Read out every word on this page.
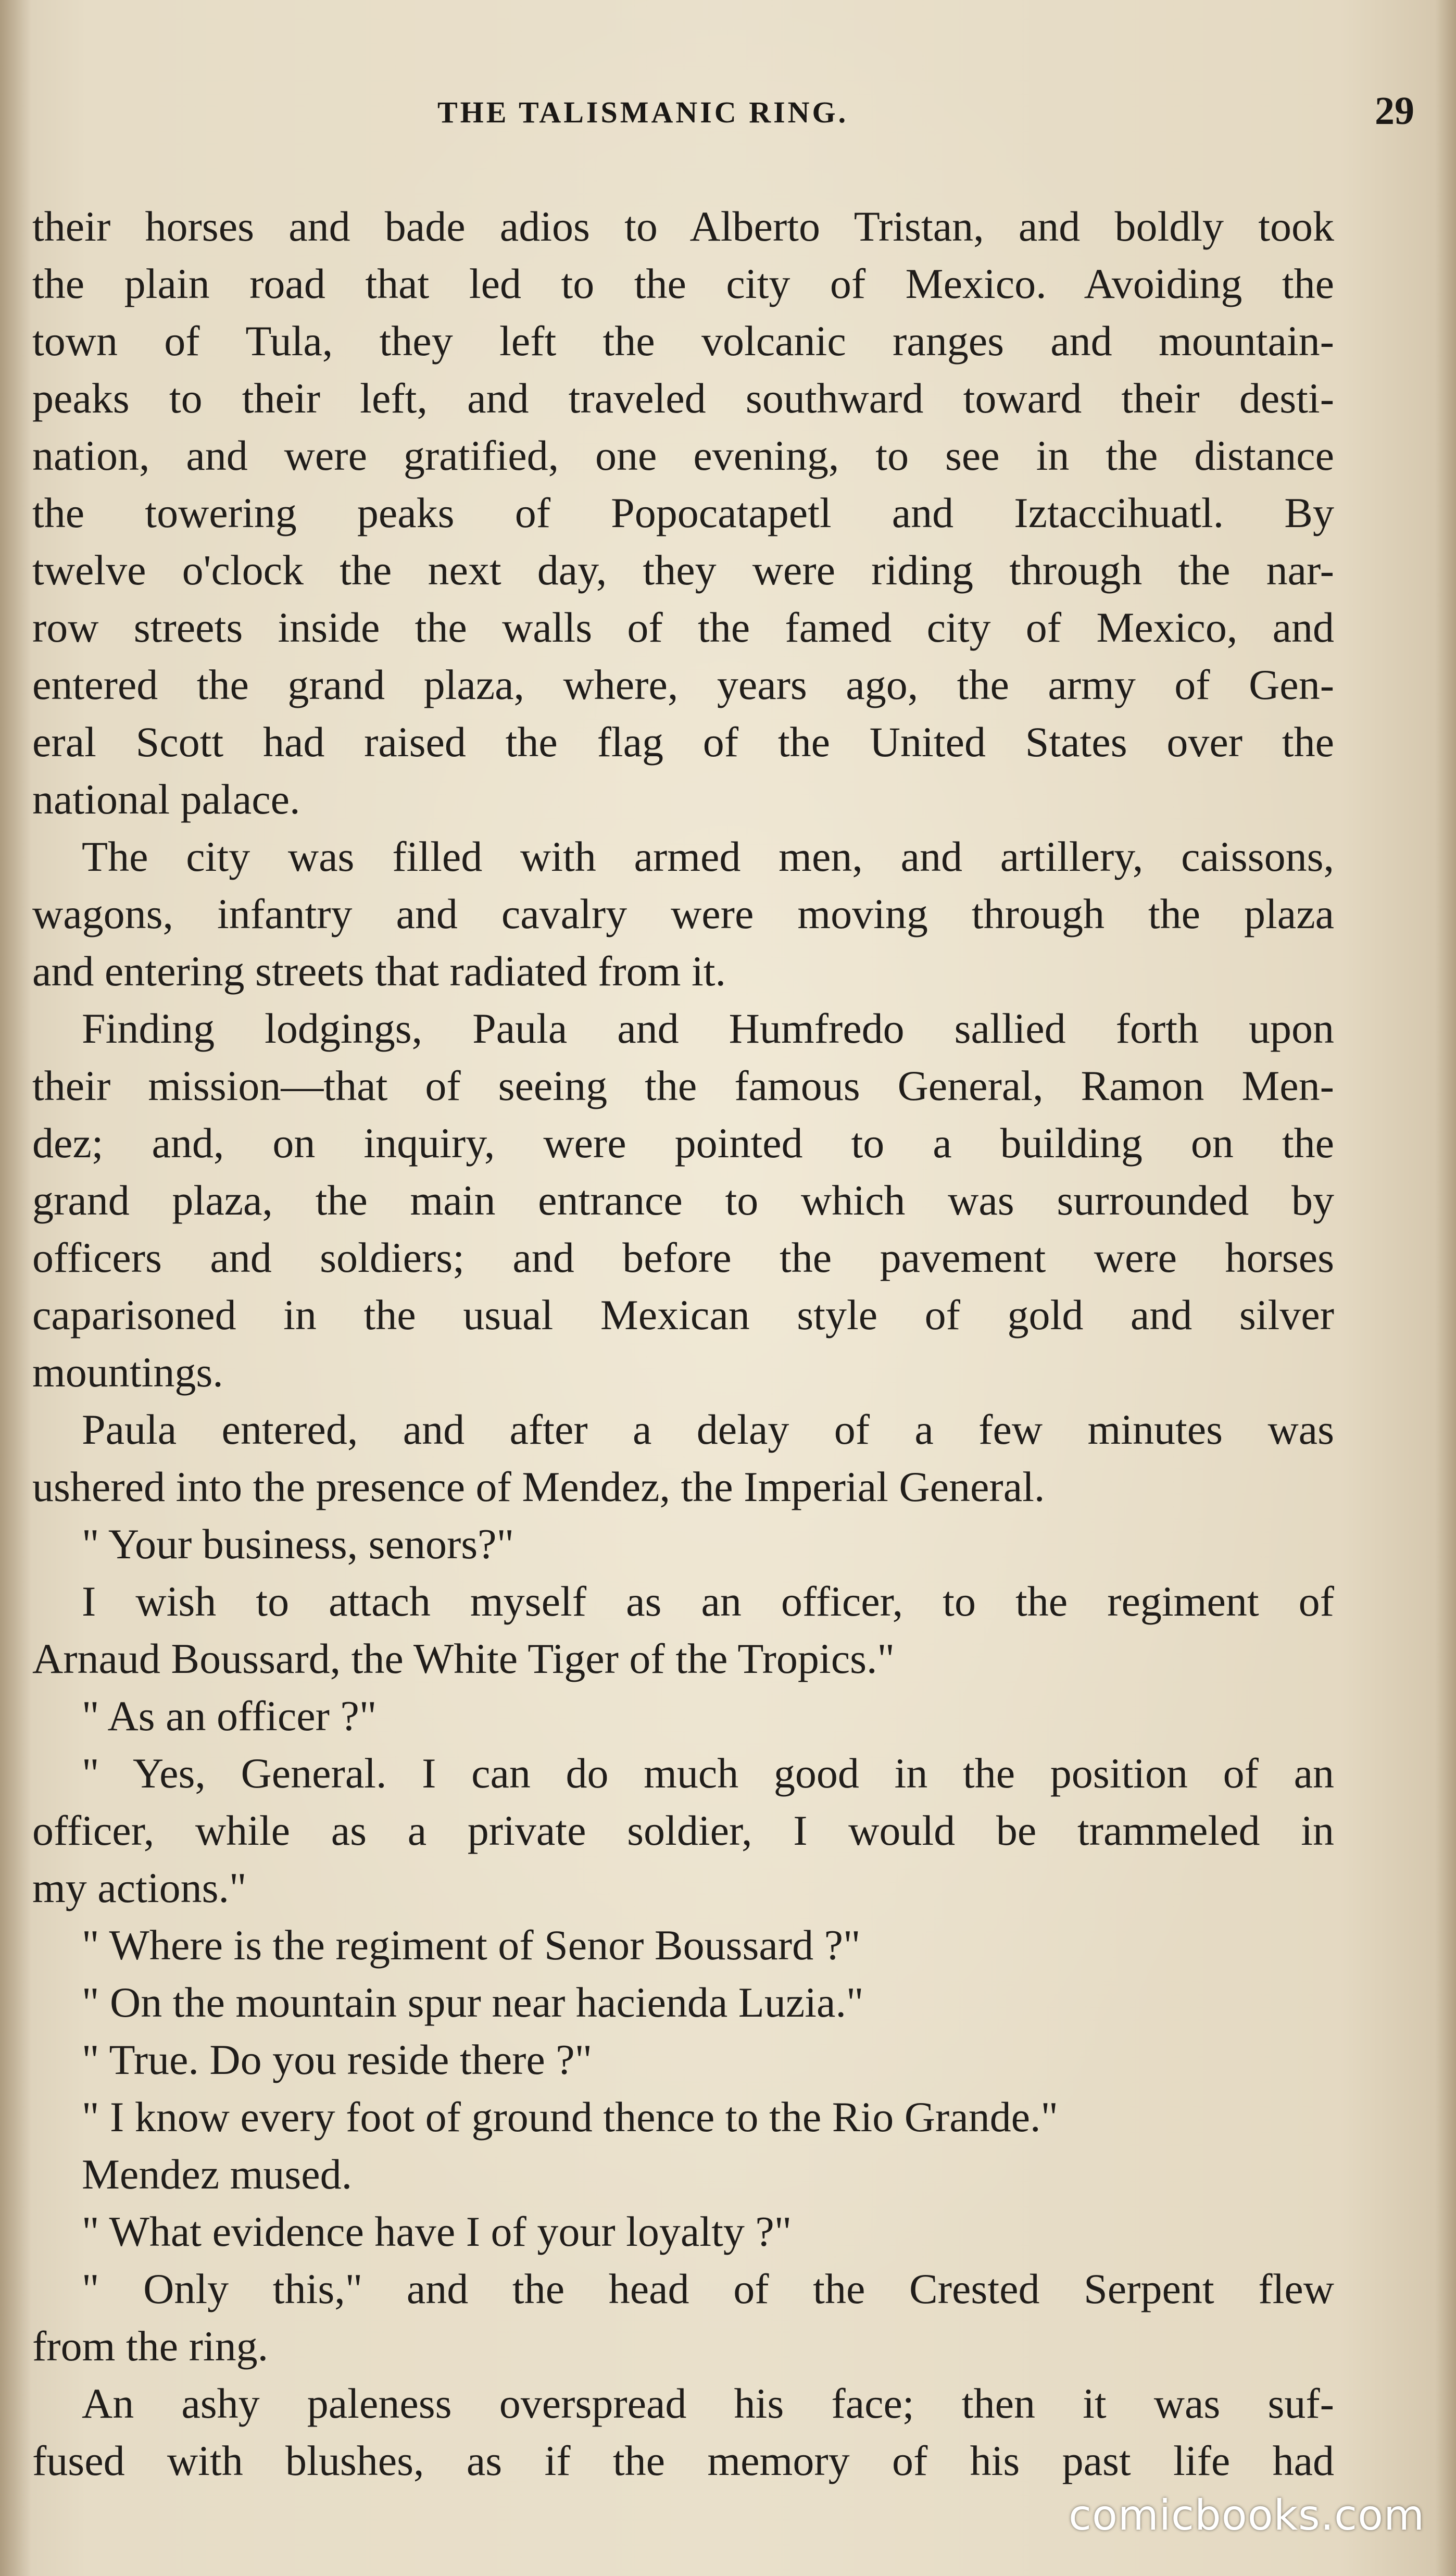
THE TALISMANIC RING.	29
their horses and bade adios to Alberto Tristan, and boldly took
the plain road that led to the city of Mexico. Avoiding the
town of Tula, they left the volcanic ranges and mountain-
peaks to their left, and traveled southward toward their desti-
nation, and were gratified, one evening, to see in the distance
the towering peaks of Popocatapetl and Iztaccihuatl. By
twelve o'clock the next day, they were riding through the nar-
row streets inside the walls of the famed city of Mexico, and
entered the grand plaza, where, years ago, the army of Gen-
eral Scott had raised the flag of the United States over the
national palace.
The city was filled with armed men, and artillery, caissons,
wagons, infantry and cavalry were moving through the plaza
and entering streets that radiated from it.
Finding lodgings, Paula and Humfredo sallied forth upon
their mission—that of seeing the famous General, Ramon Men-
dez; and, on inquiry, were pointed to a building on the
grand plaza, the main entrance to which was surrounded by
officers and soldiers; and before the pavement were horses
caparisoned in the usual Mexican style of gold and silver
mountings.
Paula entered, and after a delay of a few minutes was
ushered into the presence of Mendez, the Imperial General.
" Your business, senors?"
I wish to attach myself as an officer, to the regiment of
Arnaud Boussard, the White Tiger of the Tropics."
" As an officer ?"
" Yes, General. I can do much good in the position of an
officer, while as a private soldier, I would be trammeled in
my actions."
" Where is the regiment of Senor Boussard ?"
" On the mountain spur near hacienda Luzia."
" True. Do you reside there ?"
" I know every foot of ground thence to the Rio Grande."
Mendez mused.
" What evidence have I of your loyalty ?"
" Only this," and the head of the Crested Serpent flew
from the ring.
An ashy paleness overspread his face; then it was suf-
fused with blushes, as if the memory of his past life had
comicbooks.com
